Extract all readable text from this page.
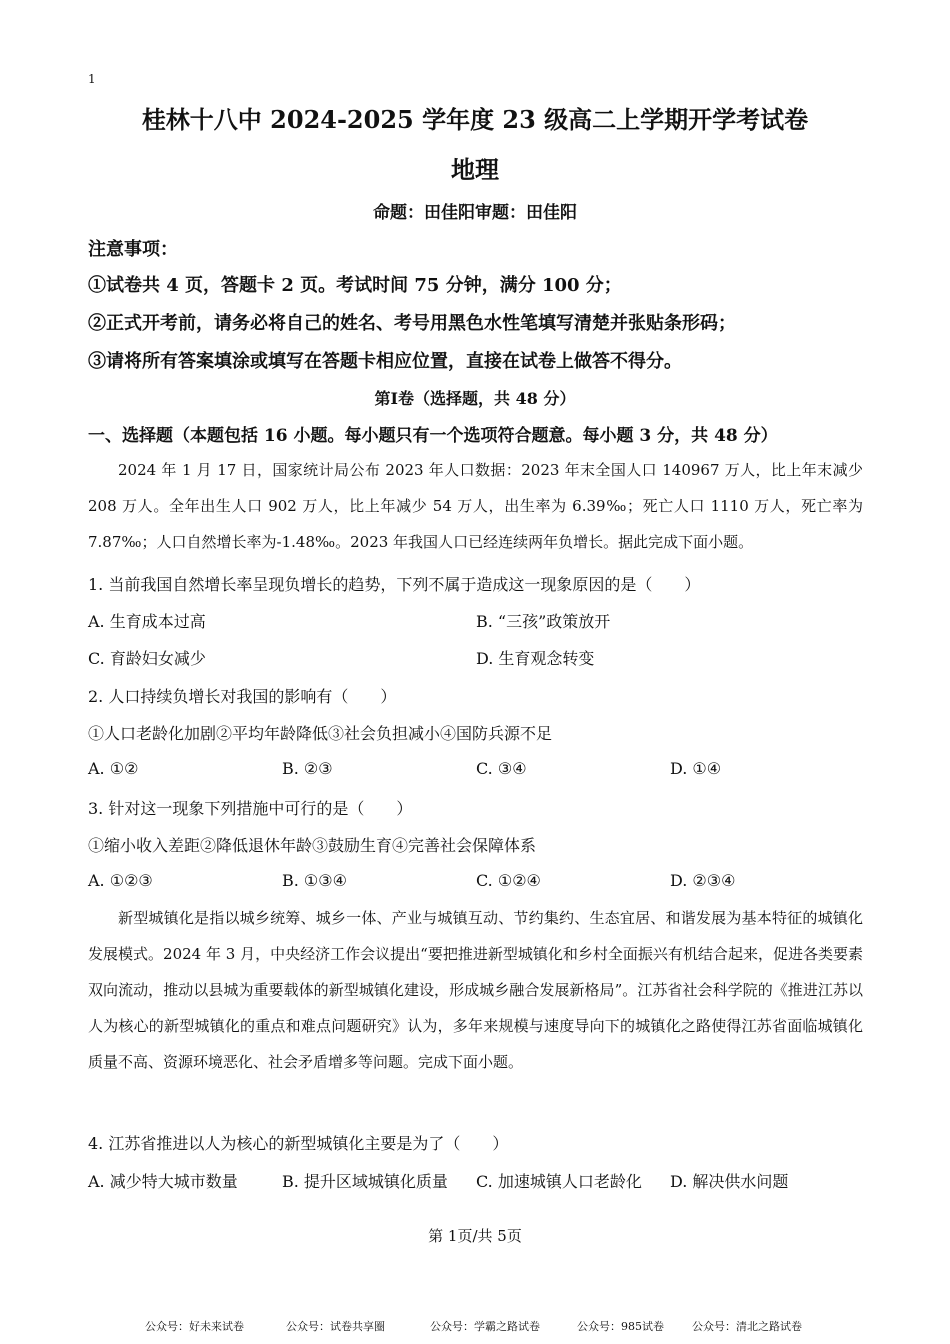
1
桂林十八中 2024-2025 学年度 23 级高二上学期开学考试卷
地理
命题：田佳阳审题：田佳阳
注意事项：
①试卷共 4 页，答题卡 2 页。考试时间 75 分钟，满分 100 分；
②正式开考前，请务必将自己的姓名、考号用黑色水性笔填写清楚并张贴条形码；
③请将所有答案填涂或填写在答题卡相应位置，直接在试卷上做答不得分。
第Ⅰ卷（选择题，共 48 分）
一、选择题（本题包括 16 小题。每小题只有一个选项符合题意。每小题 3 分，共 48 分）
2024 年 1 月 17 日，国家统计局公布 2023 年人口数据：2023 年末全国人口 140967 万人，比上年末减少 208 万人。全年出生人口 902 万人，比上年减少 54 万人，出生率为 6.39‰；死亡人口 1110 万人，死亡率为 7.87‰；人口自然增长率为-1.48‰。2023 年我国人口已经连续两年负增长。据此完成下面小题。
1. 当前我国自然增长率呈现负增长的趋势，下列不属于造成这一现象原因的是（　　）
A. 生育成本过高	B. “三孩”政策放开
C. 育龄妇女减少	D. 生育观念转变
2. 人口持续负增长对我国的影响有（　　）
①人口老龄化加剧②平均年龄降低③社会负担减小④国防兵源不足
A. ①②	B. ②③	C. ③④	D. ①④
3. 针对这一现象下列措施中可行的是（　　）
①缩小收入差距②降低退休年龄③鼓励生育④完善社会保障体系
A. ①②③	B. ①③④	C. ①②④	D. ②③④
新型城镇化是指以城乡统筹、城乡一体、产业与城镇互动、节约集约、生态宜居、和谐发展为基本特征的城镇化发展模式。2024 年 3 月，中央经济工作会议提出“要把推进新型城镇化和乡村全面振兴有机结合起来，促进各类要素双向流动，推动以县城为重要载体的新型城镇化建设，形成城乡融合发展新格局”。江苏省社会科学院的《推进江苏以人为核心的新型城镇化的重点和难点问题研究》认为，多年来规模与速度导向下的城镇化之路使得江苏省面临城镇化质量不高、资源环境恶化、社会矛盾增多等问题。完成下面小题。
4. 江苏省推进以人为核心的新型城镇化主要是为了（　　）
A. 减少特大城市数量	B. 提升区域城镇化质量 C. 加速城镇人口老龄化 D. 解决供水问题
第 1页/共 5页
公众号：好未来试卷	公众号：试卷共享圈	公众号：学霸之路试卷	公众号：985试卷	公众号：清北之路试卷
